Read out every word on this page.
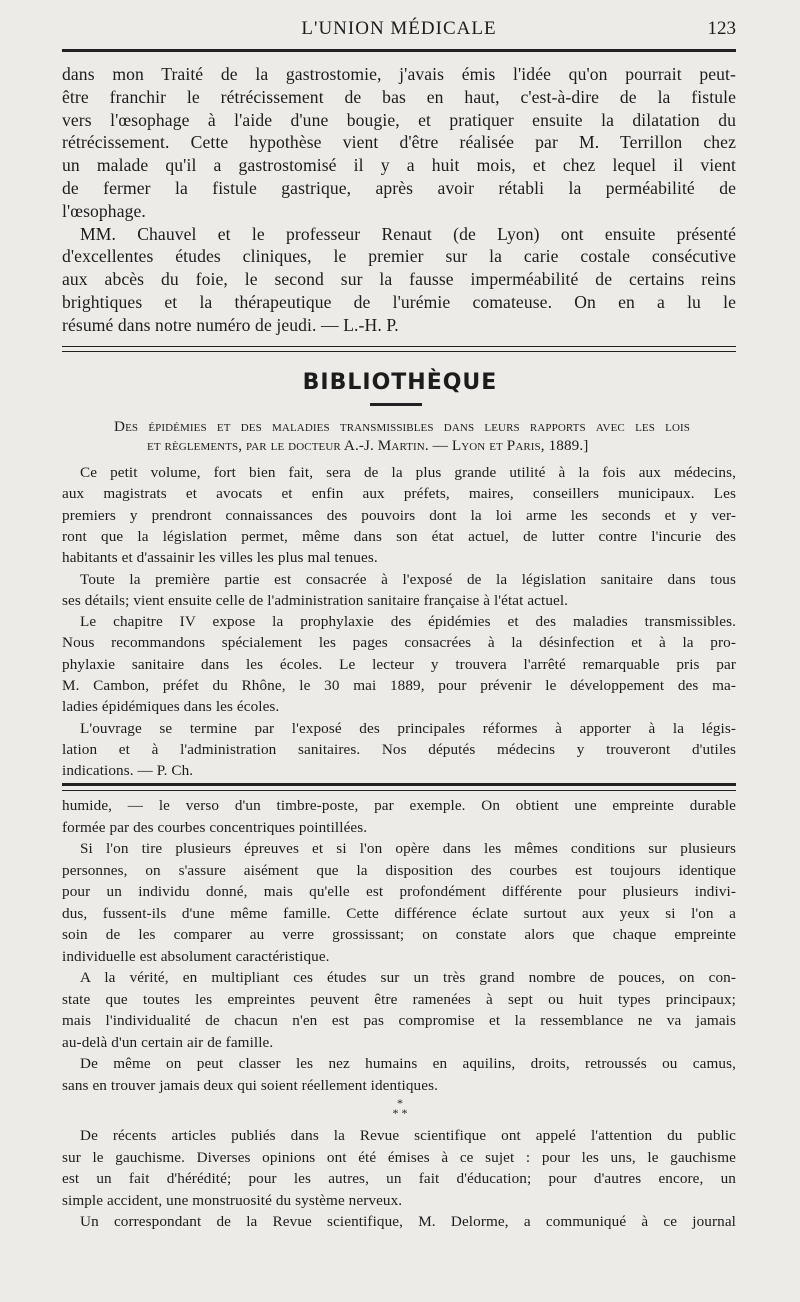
L'UNION MÉDICALE	123
dans mon Traité de la gastrostomie, j'avais émis l'idée qu'on pourrait peut-
être franchir le rétrécissement de bas en haut, c'est-à-dire de la fistule
vers l'œsophage à l'aide d'une bougie, et pratiquer ensuite la dilatation du
rétrécissement. Cette hypothèse vient d'être réalisée par M. Terrillon chez
un malade qu'il a gastrostomisé il y a huit mois, et chez lequel il vient
de fermer la fistule gastrique, après avoir rétabli la perméabilité de
l'œsophage.
MM. Chauvel et le professeur Renaut (de Lyon) ont ensuite présenté
d'excellentes études cliniques, le premier sur la carie costale consécutive
aux abcès du foie, le second sur la fausse imperméabilité de certains reins
brightiques et la thérapeutique de l'urémie comateuse. On en a lu le
résumé dans notre numéro de jeudi. — L.-H. P.
BIBLIOTHÈQUE
Des épidémies et des maladies transmissibles dans leurs rapports avec les lois
et règlements, par le docteur A.-J. Martin. — Lyon et Paris, 1889.]
Ce petit volume, fort bien fait, sera de la plus grande utilité à la fois aux médecins,
aux magistrats et avocats et enfin aux préfets, maires, conseillers municipaux. Les
premiers y prendront connaissances des pouvoirs dont la loi arme les seconds et y ver-
ront que la législation permet, même dans son état actuel, de lutter contre l'incurie des
habitants et d'assainir les villes les plus mal tenues.
Toute la première partie est consacrée à l'exposé de la législation sanitaire dans tous
ses détails; vient ensuite celle de l'administration sanitaire française à l'état actuel.
Le chapitre IV expose la prophylaxie des épidémies et des maladies transmissibles.
Nous recommandons spécialement les pages consacrées à la désinfection et à la pro-
phylaxie sanitaire dans les écoles. Le lecteur y trouvera l'arrêté remarquable pris par
M. Cambon, préfet du Rhône, le 30 mai 1889, pour prévenir le développement des ma-
ladies épidémiques dans les écoles.
L'ouvrage se termine par l'exposé des principales réformes à apporter à la légis-
lation et à l'administration sanitaires. Nos députés médecins y trouveront d'utiles
indications. — P. Ch.
humide, — le verso d'un timbre-poste, par exemple. On obtient une empreinte durable
formée par des courbes concentriques pointillées.
Si l'on tire plusieurs épreuves et si l'on opère dans les mêmes conditions sur plusieurs
personnes, on s'assure aisément que la disposition des courbes est toujours identique
pour un individu donné, mais qu'elle est profondément différente pour plusieurs indivi-
dus, fussent-ils d'une même famille. Cette différence éclate surtout aux yeux si l'on a
soin de les comparer au verre grossissant; on constate alors que chaque empreinte
individuelle est absolument caractéristique.
A la vérité, en multipliant ces études sur un très grand nombre de pouces, on con-
state que toutes les empreintes peuvent être ramenées à sept ou huit types principaux;
mais l'individualité de chacun n'en est pas compromise et la ressemblance ne va jamais
au-delà d'un certain air de famille.
De même on peut classer les nez humains en aquilins, droits, retroussés ou camus,
sans en trouver jamais deux qui soient réellement identiques.
De récents articles publiés dans la Revue scientifique ont appelé l'attention du public
sur le gauchisme. Diverses opinions ont été émises à ce sujet : pour les uns, le gauchisme
est un fait d'hérédité; pour les autres, un fait d'éducation; pour d'autres encore, un
simple accident, une monstruosité du système nerveux.
Un correspondant de la Revue scientifique, M. Delorme, a communiqué à ce journal
*
* *
